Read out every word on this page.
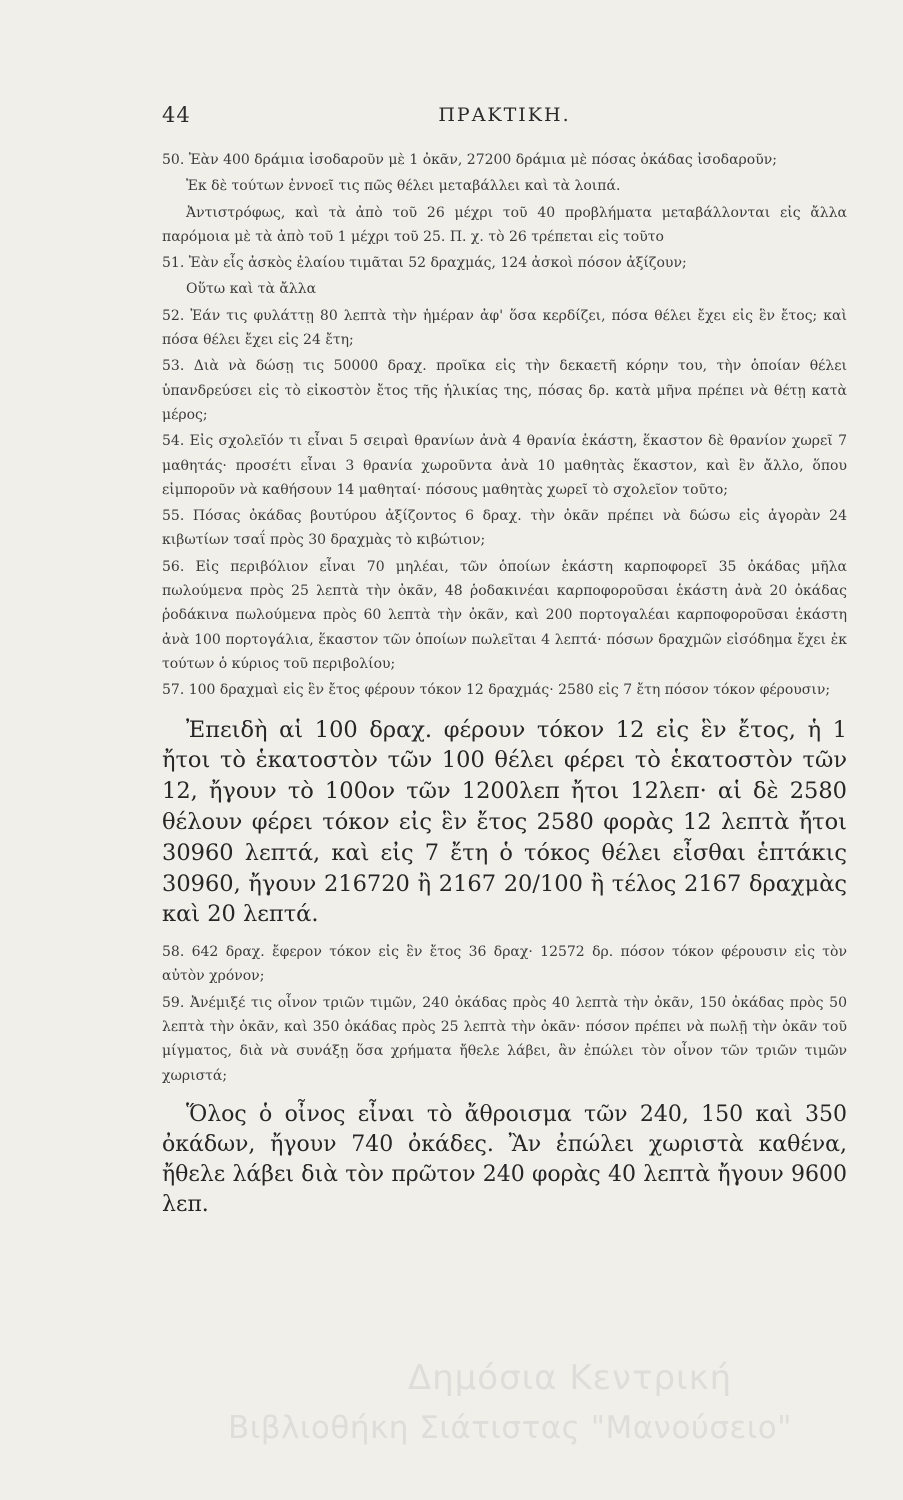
44	ΠΡΑΚΤΙΚΗ.

50. Ἐὰν 400 δράμια ἰσοδαροῦν μὲ 1 ὀκᾶν, 27200 δράμια μὲ πόσας ὀκάδας ἰσοδαροῦν;

Ἐκ δὲ τούτων ἐννοεῖ τις πῶς θέλει μεταβάλλει καὶ τὰ λοιπά.

Ἀντιστρόφως, καὶ τὰ ἀπὸ τοῦ 26 μέχρι τοῦ 40 προβλήματα μεταβάλλονται εἰς ἄλλα παρόμοια μὲ τὰ ἀπὸ τοῦ 1 μέχρι τοῦ 25. Π. χ. τὸ 26 τρέπεται εἰς τοῦτο

51. Ἐὰν εἷς ἀσκὸς ἐλαίου τιμᾶται 52 δραχμάς, 124 ἀσκοὶ πόσον ἀξίζουν;

Οὕτω καὶ τὰ ἄλλα

52. Ἐάν τις φυλάττῃ 80 λεπτὰ τὴν ἡμέραν ἀφ' ὅσα κερδίζει, πόσα θέλει ἔχει εἰς ἓν ἔτος; καὶ πόσα θέλει ἔχει εἰς 24 ἔτη;

53. Διὰ νὰ δώσῃ τις 50000 δραχ. προῖκα εἰς τὴν δεκαετῆ κόρην του, τὴν ὁποίαν θέλει ὑπανδρεύσει εἰς τὸ εἰκοστὸν ἔτος τῆς ἡλικίας της, πόσας δρ. κατὰ μῆνα πρέπει νὰ θέτῃ κατὰ μέρος;

54. Εἰς σχολεῖόν τι εἶναι 5 σειραὶ θρανίων ἀνὰ 4 θρανία ἑκάστη, ἕκαστον δὲ θρανίον χωρεῖ 7 μαθητάς· προσέτι εἶναι 3 θρανία χωροῦντα ἀνὰ 10 μαθητὰς ἕκαστον, καὶ ἓν ἄλλο, ὅπου εἰμποροῦν νὰ καθήσουν 14 μαθηταί· πόσους μαθητὰς χωρεῖ τὸ σχολεῖον τοῦτο;

55. Πόσας ὀκάδας βουτύρου ἀξίζοντος 6 δραχ. τὴν ὀκᾶν πρέπει νὰ δώσω εἰς ἀγορὰν 24 κιβωτίων τσαΐ πρὸς 30 δραχμὰς τὸ κιβώτιον;

56. Εἰς περιβόλιον εἶναι 70 μηλέαι, τῶν ὁποίων ἑκάστη καρποφορεῖ 35 ὀκάδας μῆλα πωλούμενα πρὸς 25 λεπτὰ τὴν ὀκᾶν, 48 ῥοδακινέαι καρποφοροῦσαι ἑκάστη ἀνὰ 20 ὀκάδας ῥοδάκινα πωλούμενα πρὸς 60 λεπτὰ τὴν ὀκᾶν, καὶ 200 πορτογαλέαι καρποφοροῦσαι ἑκάστη ἀνὰ 100 πορτογάλια, ἕκαστον τῶν ὁποίων πωλεῖται 4 λεπτά· πόσων δραχμῶν εἰσόδημα ἔχει ἐκ τούτων ὁ κύριος τοῦ περιβολίου;

57. 100 δραχμαὶ εἰς ἓν ἔτος φέρουν τόκον 12 δραχμάς· 2580 εἰς 7 ἔτη πόσον τόκον φέρουσιν;

Ἐπειδὴ αἱ 100 δραχ. φέρουν τόκον 12 εἰς ἓν ἔτος, ἡ 1 ἤτοι τὸ ἑκατοστὸν τῶν 100 θέλει φέρει τὸ ἑκατοστὸν τῶν 12, ἤγουν τὸ 100ον τῶν 1200λεπ ἤτοι 12λεπ· αἱ δὲ 2580 θέλουν φέρει τόκον εἰς ἓν ἔτος 2580 φορὰς 12 λεπτὰ ἤτοι 30960 λεπτά, καὶ εἰς 7 ἔτη ὁ τόκος θέλει εἶσθαι ἑπτάκις 30960, ἤγουν 216720 ἢ 2167 20/100 ἢ τέλος 2167 δραχμὰς καὶ 20 λεπτά.

58. 642 δραχ. ἔφερον τόκον εἰς ἓν ἔτος 36 δραχ· 12572 δρ. πόσον τόκον φέρουσιν εἰς τὸν αὐτὸν χρόνον;

59. Ἀνέμιξέ τις οἶνον τριῶν τιμῶν, 240 ὀκάδας πρὸς 40 λεπτὰ τὴν ὀκᾶν, 150 ὀκάδας πρὸς 50 λεπτὰ τὴν ὀκᾶν, καὶ 350 ὀκάδας πρὸς 25 λεπτὰ τὴν ὀκᾶν· πόσον πρέπει νὰ πωλῇ τὴν ὀκᾶν τοῦ μίγματος, διὰ νὰ συνάξῃ ὅσα χρήματα ἤθελε λάβει, ἂν ἐπώλει τὸν οἶνον τῶν τριῶν τιμῶν χωριστά;

Ὅλος ὁ οἶνος εἶναι τὸ ἄθροισμα τῶν 240, 150 καὶ 350 ὀκάδων, ἤγουν 740 ὀκάδες. Ἂν ἐπώλει χωριστὰ καθένα, ἤθελε λάβει διὰ τὸν πρῶτον 240 φορὰς 40 λεπτὰ ἤγουν 9600 λεπ.

Δημόσια Κεντρική
Βιβλιοθήκη Σιάτιστας "Μανούσειο"
